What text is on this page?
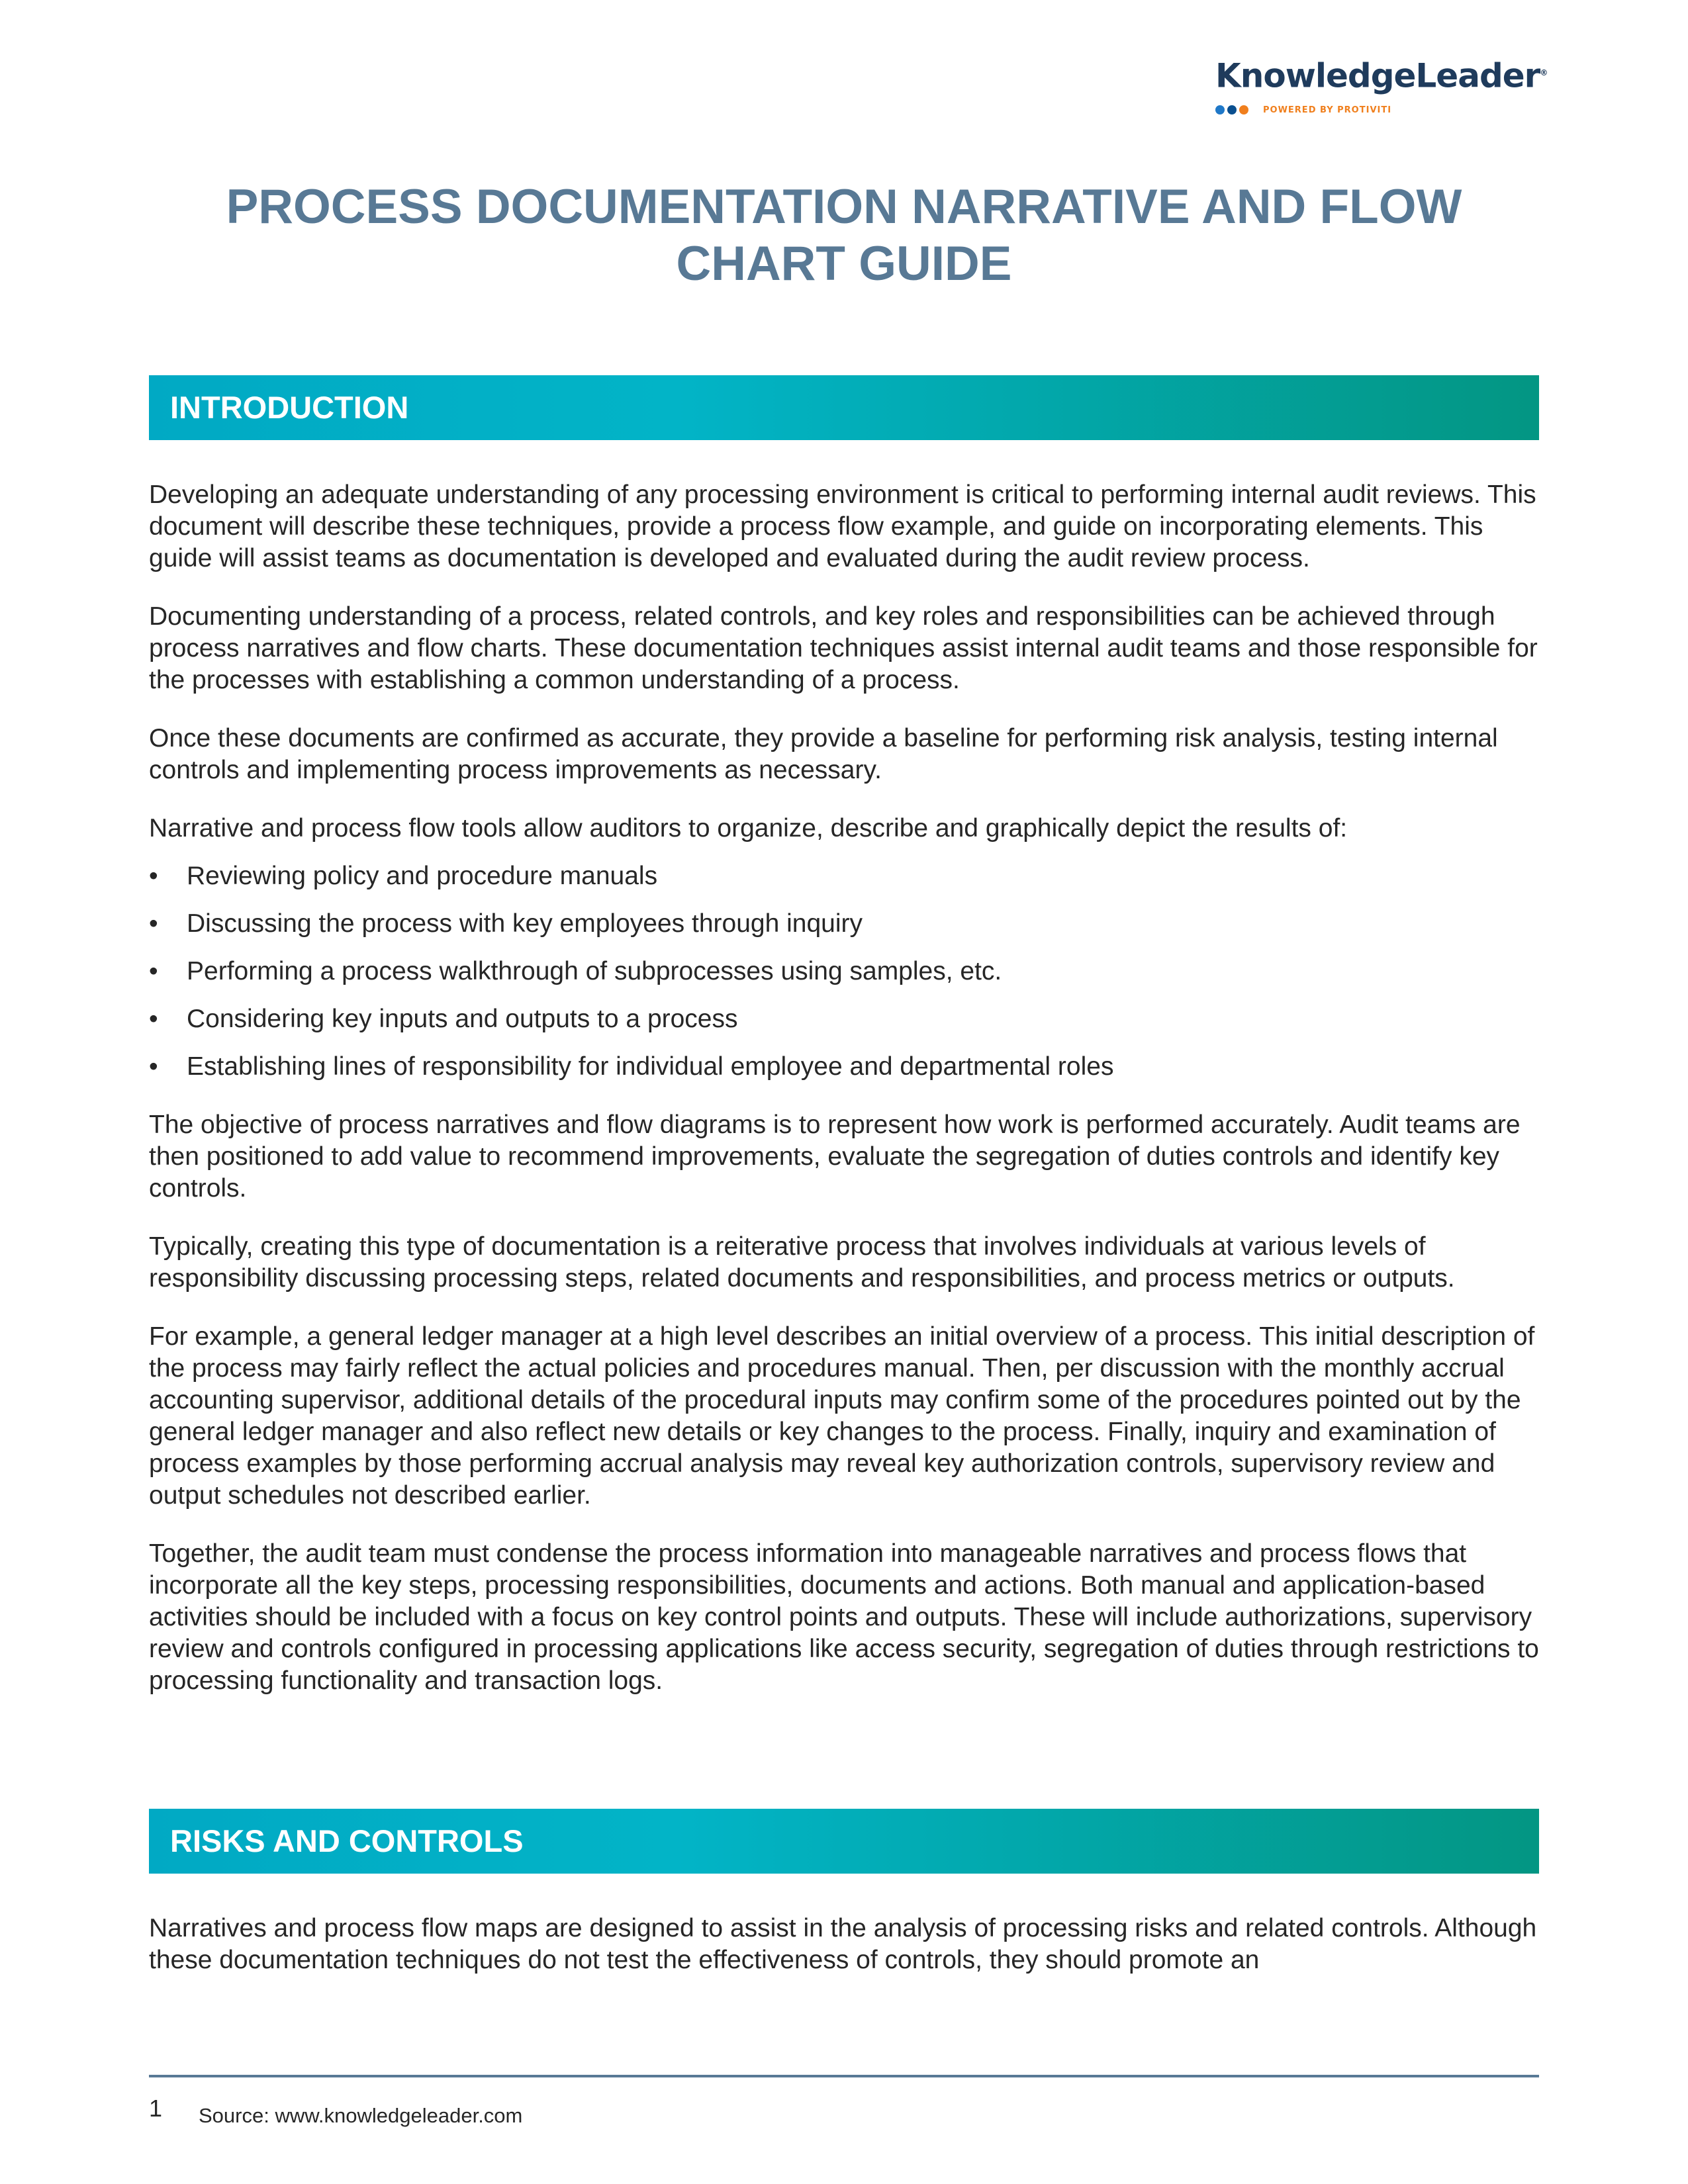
KnowledgeLeader®
POWERED BY PROTIVITI
PROCESS DOCUMENTATION NARRATIVE AND FLOW
CHART GUIDE
INTRODUCTION

Developing an adequate understanding of any processing environment is critical to performing internal audit reviews. This document will describe these techniques, provide a process flow example, and guide on incorporating elements. This guide will assist teams as documentation is developed and evaluated during the audit review process.

Documenting understanding of a process, related controls, and key roles and responsibilities can be achieved through process narratives and flow charts. These documentation techniques assist internal audit teams and those responsible for the processes with establishing a common understanding of a process.

Once these documents are confirmed as accurate, they provide a baseline for performing risk analysis, testing internal controls and implementing process improvements as necessary.

Narrative and process flow tools allow auditors to organize, describe and graphically depict the results of:

• Reviewing policy and procedure manuals
• Discussing the process with key employees through inquiry
• Performing a process walkthrough of subprocesses using samples, etc.
• Considering key inputs and outputs to a process
• Establishing lines of responsibility for individual employee and departmental roles

The objective of process narratives and flow diagrams is to represent how work is performed accurately. Audit teams are then positioned to add value to recommend improvements, evaluate the segregation of duties controls and identify key controls.

Typically, creating this type of documentation is a reiterative process that involves individuals at various levels of responsibility discussing processing steps, related documents and responsibilities, and process metrics or outputs.

For example, a general ledger manager at a high level describes an initial overview of a process. This initial description of the process may fairly reflect the actual policies and procedures manual. Then, per discussion with the monthly accrual accounting supervisor, additional details of the procedural inputs may confirm some of the procedures pointed out by the general ledger manager and also reflect new details or key changes to the process. Finally, inquiry and examination of process examples by those performing accrual analysis may reveal key authorization controls, supervisory review and output schedules not described earlier.

Together, the audit team must condense the process information into manageable narratives and process flows that incorporate all the key steps, processing responsibilities, documents and actions. Both manual and application-based activities should be included with a focus on key control points and outputs. These will include authorizations, supervisory review and controls configured in processing applications like access security, segregation of duties through restrictions to processing functionality and transaction logs.

RISKS AND CONTROLS

Narratives and process flow maps are designed to assist in the analysis of processing risks and related controls. Although these documentation techniques do not test the effectiveness of controls, they should promote an

1 Source: www.knowledgeleader.com
